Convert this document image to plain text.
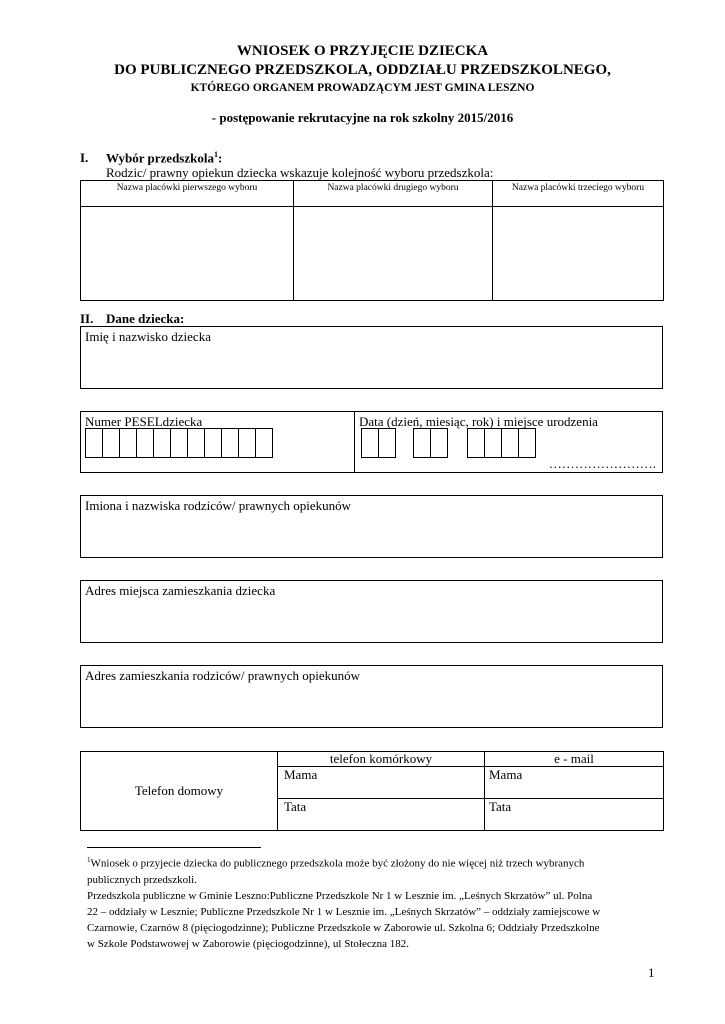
WNIOSEK O PRZYJĘCIE DZIECKA
DO PUBLICZNEGO PRZEDSZKOLA, ODDZIAŁU PRZEDSZKOLNEGO,
KTÓREGO ORGANEM PROWADZĄCYM JEST GMINA LESZNO
- postępowanie rekrutacyjne na rok szkolny 2015/2016
I. Wybór przedszkola$^1$:
Rodzic/ prawny opiekun dziecka wskazuje kolejność wyboru przedszkola:
Nazwa placówki pierwszego wyboru	Nazwa placówki drugiego wyboru	Nazwa placówki trzeciego wyboru

II. Dane dziecka:
Imię i nazwisko dziecka
Numer PESELdziecka	Data (dzień, miesiąc, rok) i miejsce urodzenia
…………………….
Imiona i nazwiska rodziców/ prawnych opiekunów
Adres miejsca zamieszkania dziecka
Adres zamieszkania rodziców/ prawnych opiekunów
Telefon domowy	telefon komórkowy	e - mail
	Mama	Mama
	Tata	Tata
$^1$Wniosek o przyjecie dziecka do publicznego przedszkola może być złożony do nie więcej niż trzech wybranych
publicznych przedszkoli.
Przedszkola publiczne w Gminie Leszno:Publiczne Przedszkole Nr 1 w Lesznie im. „Leśnych Skrzatów” ul. Polna
22 – oddziały w Lesznie; Publiczne Przedszkole Nr 1 w Lesznie im. „Leśnych Skrzatów” – oddziały zamiejscowe w
Czarnowie, Czarnów 8 (pięciogodzinne); Publiczne Przedszkole w Zaborowie ul. Szkolna 6; Oddziały Przedszkolne
w Szkole Podstawowej w Zaborowie (pięciogodzinne), ul Stołeczna 182.
1
